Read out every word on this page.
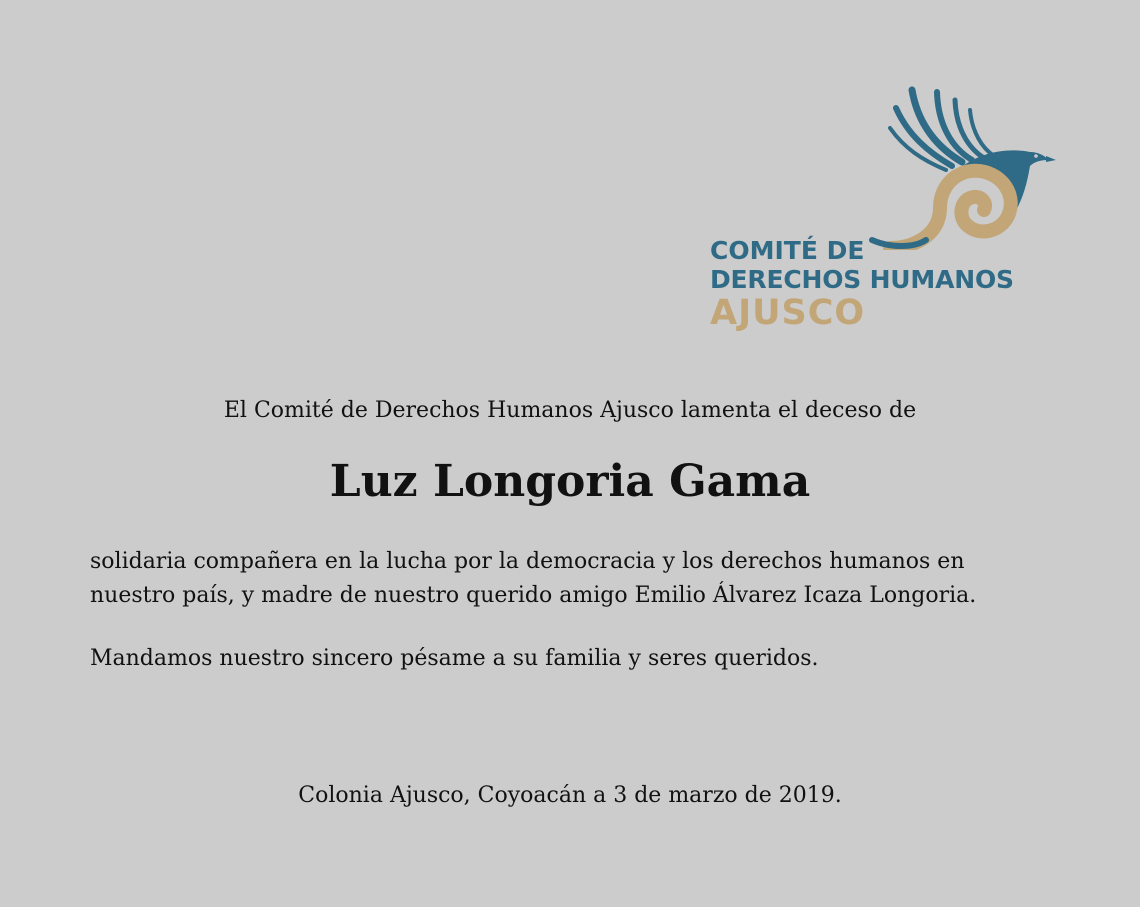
COMITÉ DE
DERECHOS HUMANOS
AJUSCO
El Comité de Derechos Humanos Ajusco lamenta el deceso de
Luz Longoria Gama

solidaria compañera en la lucha por la democracia y los derechos humanos en nuestro país, y madre de nuestro querido amigo Emilio Álvarez Icaza Longoria.

Mandamos nuestro sincero pésame a su familia y seres queridos.

Colonia Ajusco, Coyoacán a 3 de marzo de 2019.
